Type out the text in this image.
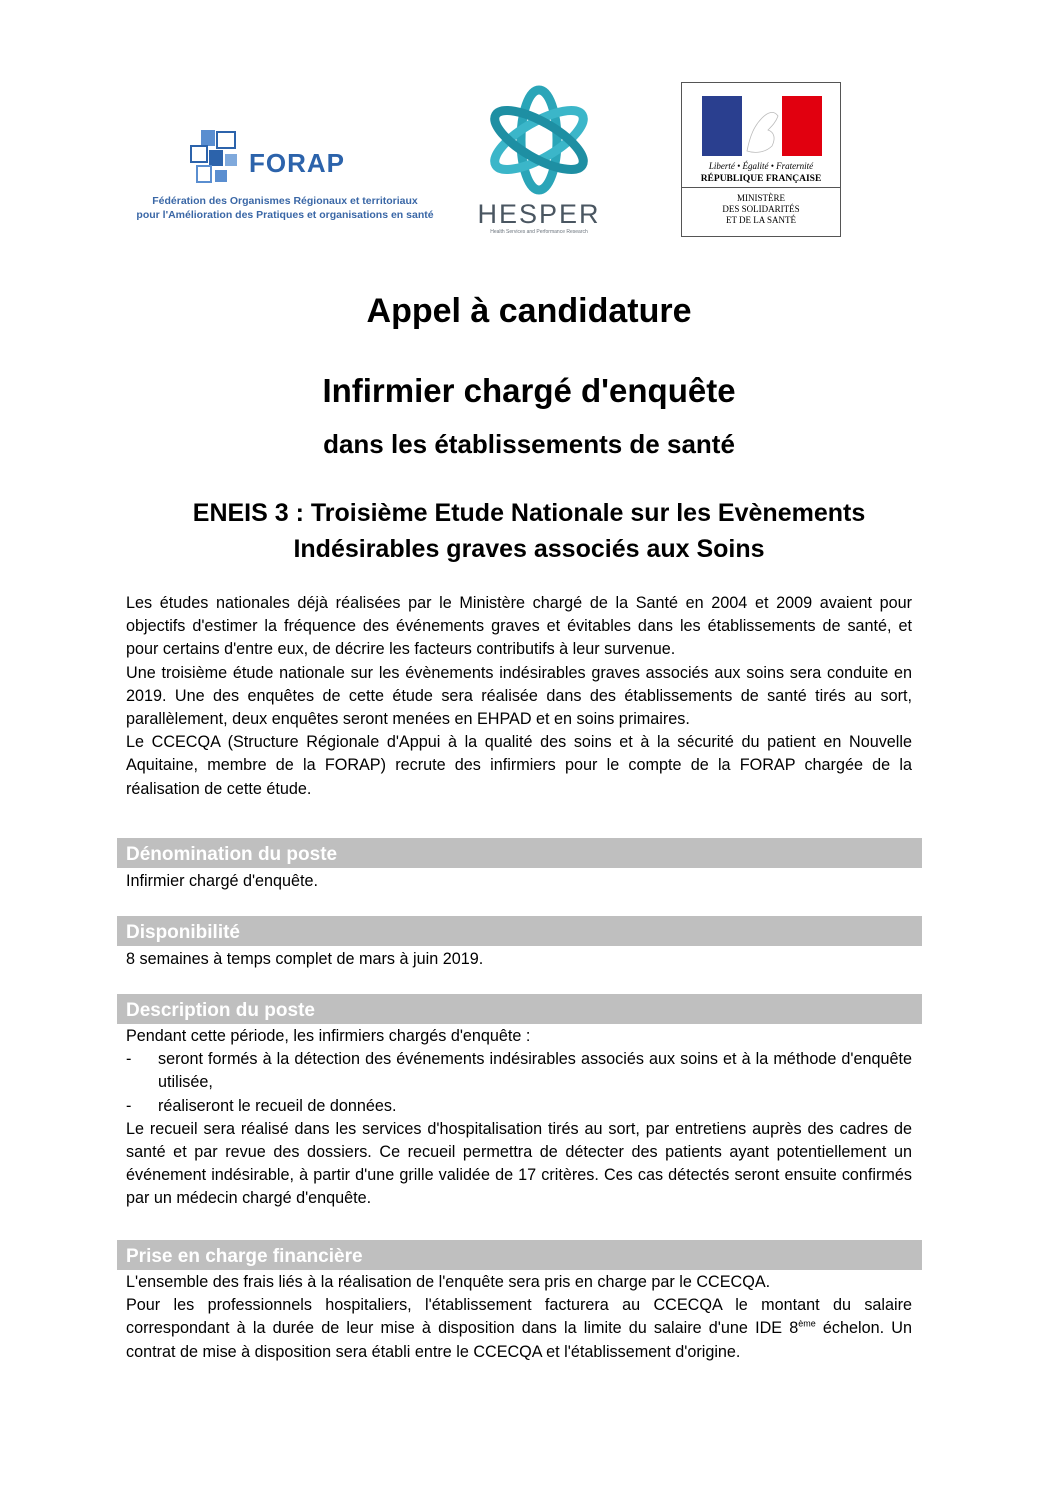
FORAP
Fédération des Organismes Régionaux et territoriaux
pour l'Amélioration des Pratiques et organisations en santé	HESPER
Health Services and Performance Research
Liberté • Égalité • Fraternité
RÉPUBLIQUE FRANÇAISE
MINISTÈRE
DES SOLIDARITÉS
ET DE LA SANTÉ
Appel à candidature
Infirmier chargé d'enquête
dans les établissements de santé
ENEIS 3 : Troisième Etude Nationale sur les Evènements
Indésirables graves associés aux Soins

Les études nationales déjà réalisées par le Ministère chargé de la Santé en 2004 et 2009 avaient pour objectifs d'estimer la fréquence des événements graves et évitables dans les établissements de santé, et pour certains d'entre eux, de décrire les facteurs contributifs à leur survenue.

Une troisième étude nationale sur les évènements indésirables graves associés aux soins sera conduite en 2019. Une des enquêtes de cette étude sera réalisée dans des établissements de santé tirés au sort, parallèlement, deux enquêtes seront menées en EHPAD et en soins primaires.

Le CCECQA (Structure Régionale d'Appui à la qualité des soins et à la sécurité du patient en Nouvelle Aquitaine, membre de la FORAP) recrute des infirmiers pour le compte de la FORAP chargée de la réalisation de cette étude.

Dénomination du poste

Infirmier chargé d'enquête.

Disponibilité

8 semaines à temps complet de mars à juin 2019.

Description du poste

Pendant cette période, les infirmiers chargés d'enquête :

-	seront formés à la détection des événements indésirables associés aux soins et à la méthode d'enquête utilisée,
-	réaliseront le recueil de données.

Le recueil sera réalisé dans les services d'hospitalisation tirés au sort, par entretiens auprès des cadres de santé et par revue des dossiers. Ce recueil permettra de détecter des patients ayant potentiellement un événement indésirable, à partir d'une grille validée de 17 critères. Ces cas détectés seront ensuite confirmés par un médecin chargé d'enquête.

Prise en charge financière

L'ensemble des frais liés à la réalisation de l'enquête sera pris en charge par le CCECQA.

Pour les professionnels hospitaliers, l'établissement facturera au CCECQA le montant du salaire correspondant à la durée de leur mise à disposition dans la limite du salaire d'une IDE 8ème échelon. Un contrat de mise à disposition sera établi entre le CCECQA et l'établissement d'origine.
